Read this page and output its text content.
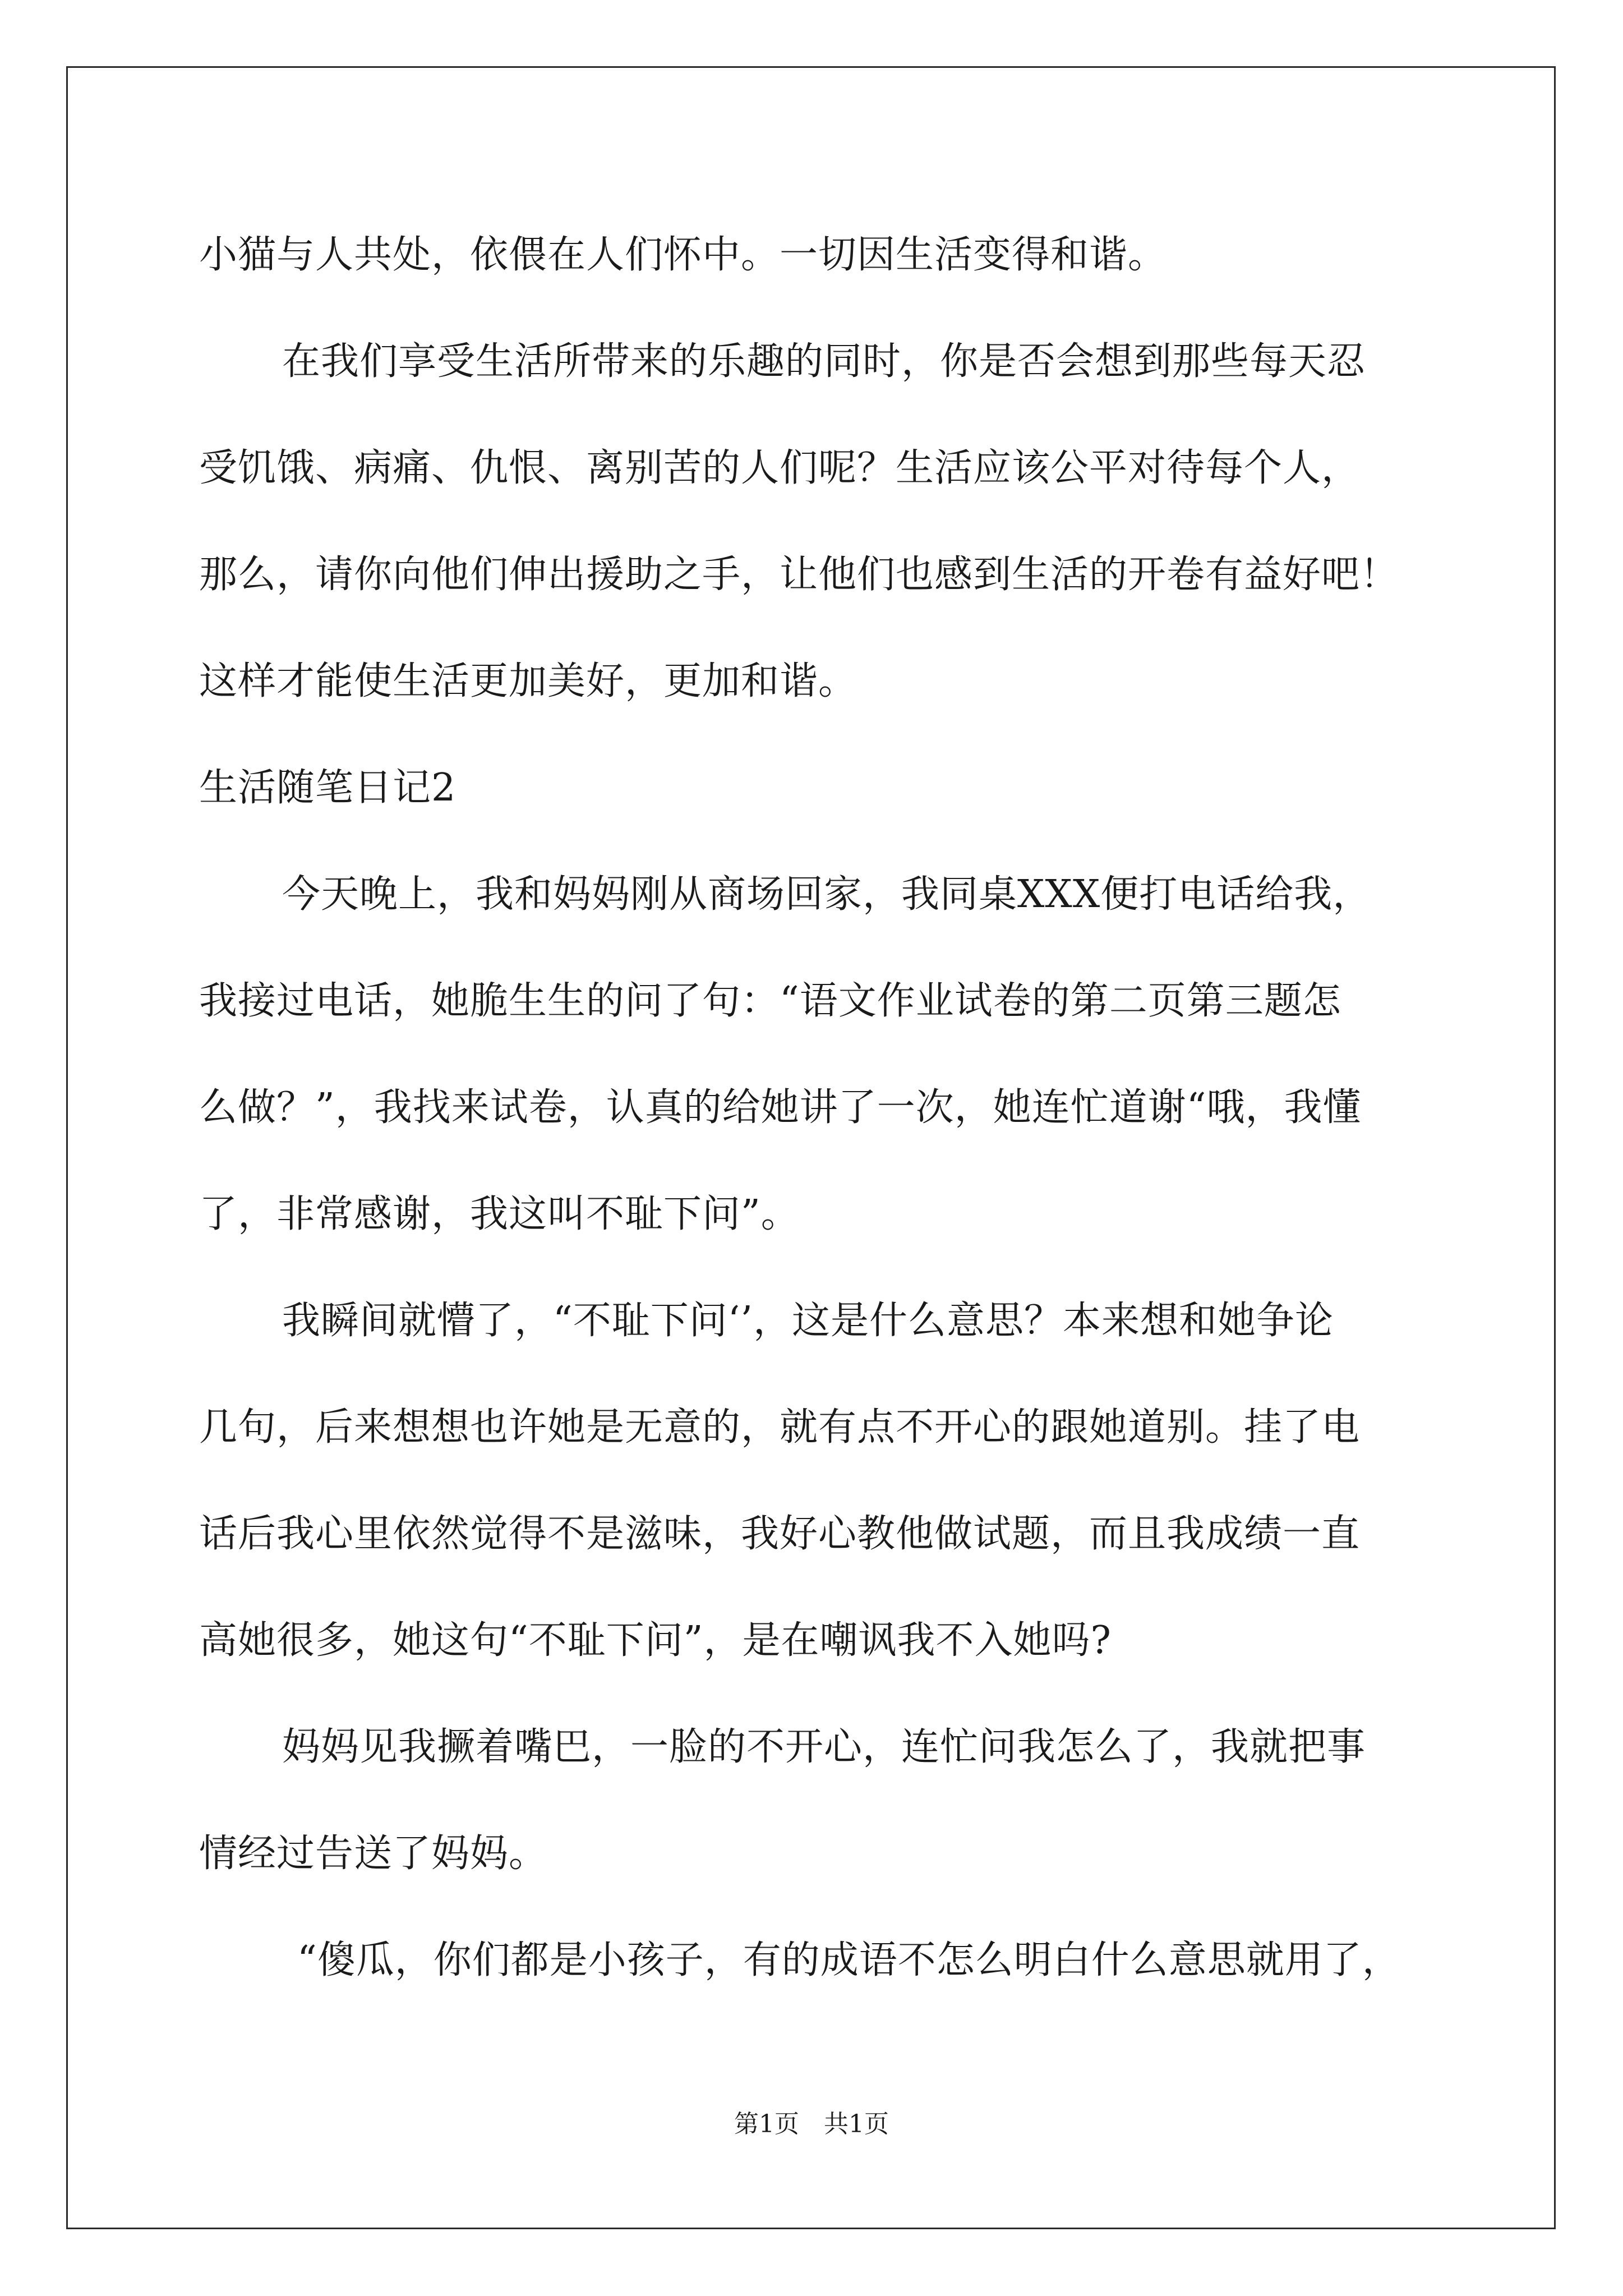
小猫与人共处，依偎在人们怀中。一切因生活变得和谐。
在我们享受生活所带来的乐趣的同时，你是否会想到那些每天忍
受饥饿、病痛、仇恨、离别苦的人们呢？生活应该公平对待每个人，
那么，请你向他们伸出援助之手，让他们也感到生活的开卷有益好吧！
这样才能使生活更加美好，更加和谐。
生活随笔日记2
今天晚上，我和妈妈刚从商场回家，我同桌XXX便打电话给我，
我接过电话，她脆生生的问了句：“语文作业试卷的第二页第三题怎
么做？”，我找来试卷，认真的给她讲了一次，她连忙道谢“哦，我懂
了，非常感谢，我这叫不耻下问”。
我瞬间就懵了，“不耻下问‘’，这是什么意思？本来想和她争论
几句，后来想想也许她是无意的，就有点不开心的跟她道别。挂了电
话后我心里依然觉得不是滋味，我好心教他做试题，而且我成绩一直
高她很多，她这句“不耻下问”，是在嘲讽我不入她吗?
妈妈见我撅着嘴巴，一脸的不开心，连忙问我怎么了，我就把事
情经过告送了妈妈。
“傻瓜，你们都是小孩子，有的成语不怎么明白什么意思就用了，
第1页 共1页
